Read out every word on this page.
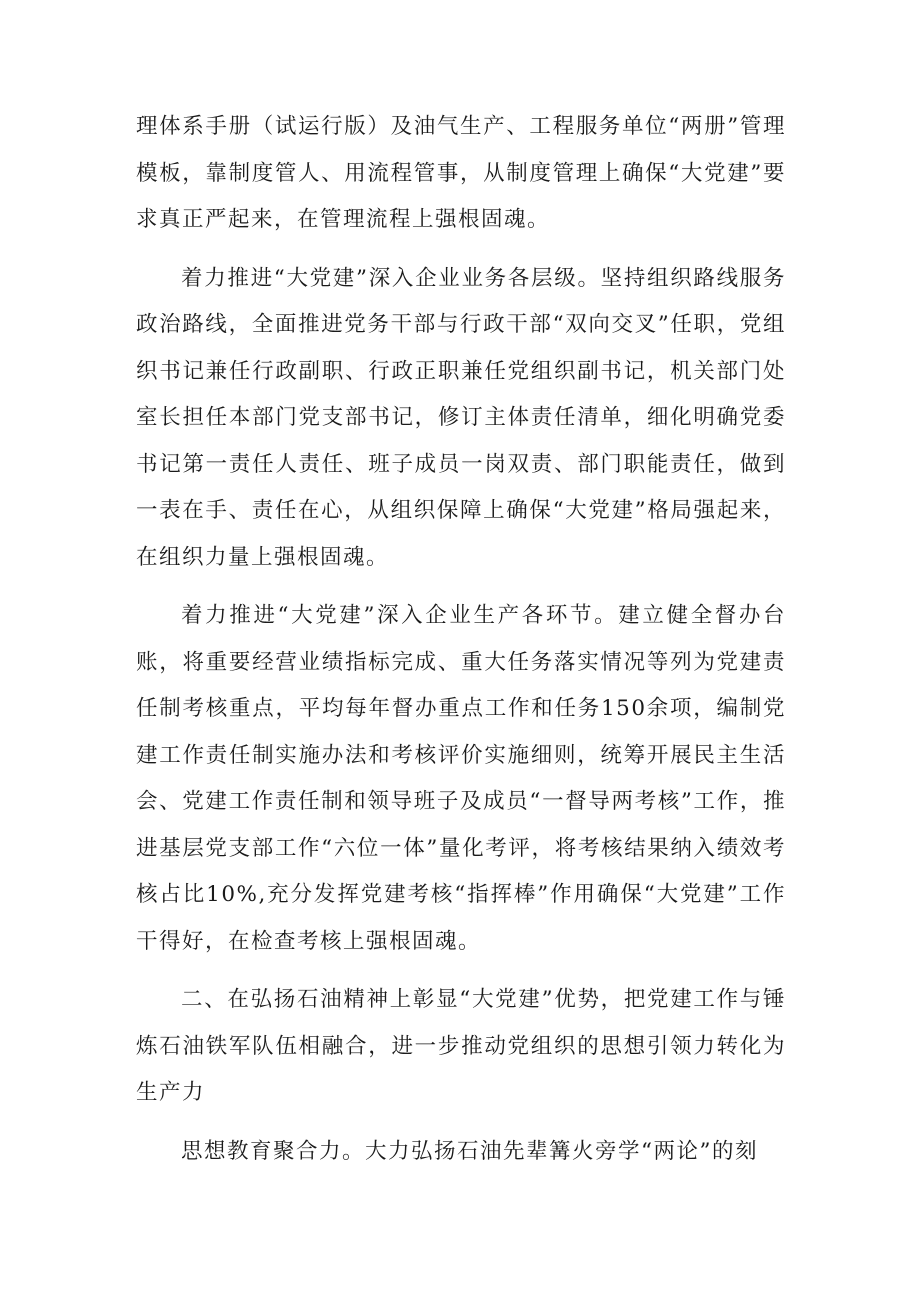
理体系手册（试运行版）及油气生产、工程服务单位“两册”管理模板，靠制度管人、用流程管事，从制度管理上确保“大党建”要求真正严起来，在管理流程上强根固魂。

着力推进“大党建”深入企业业务各层级。坚持组织路线服务政治路线，全面推进党务干部与行政干部“双向交叉”任职，党组织书记兼任行政副职、行政正职兼任党组织副书记，机关部门处室长担任本部门党支部书记，修订主体责任清单，细化明确党委书记第一责任人责任、班子成员一岗双责、部门职能责任，做到一表在手、责任在心，从组织保障上确保“大党建”格局强起来，在组织力量上强根固魂。

着力推进“大党建”深入企业生产各环节。建立健全督办台账，将重要经营业绩指标完成、重大任务落实情况等列为党建责任制考核重点，平均每年督办重点工作和任务150余项，编制党建工作责任制实施办法和考核评价实施细则，统筹开展民主生活会、党建工作责任制和领导班子及成员“一督导两考核”工作，推进基层党支部工作“六位一体”量化考评，将考核结果纳入绩效考核占比10%,充分发挥党建考核“指挥棒”作用确保“大党建”工作干得好，在检查考核上强根固魂。

二、在弘扬石油精神上彰显“大党建”优势，把党建工作与锤炼石油铁军队伍相融合，进一步推动党组织的思想引领力转化为生产力

思想教育聚合力。大力弘扬石油先辈篝火旁学“两论”的刻
